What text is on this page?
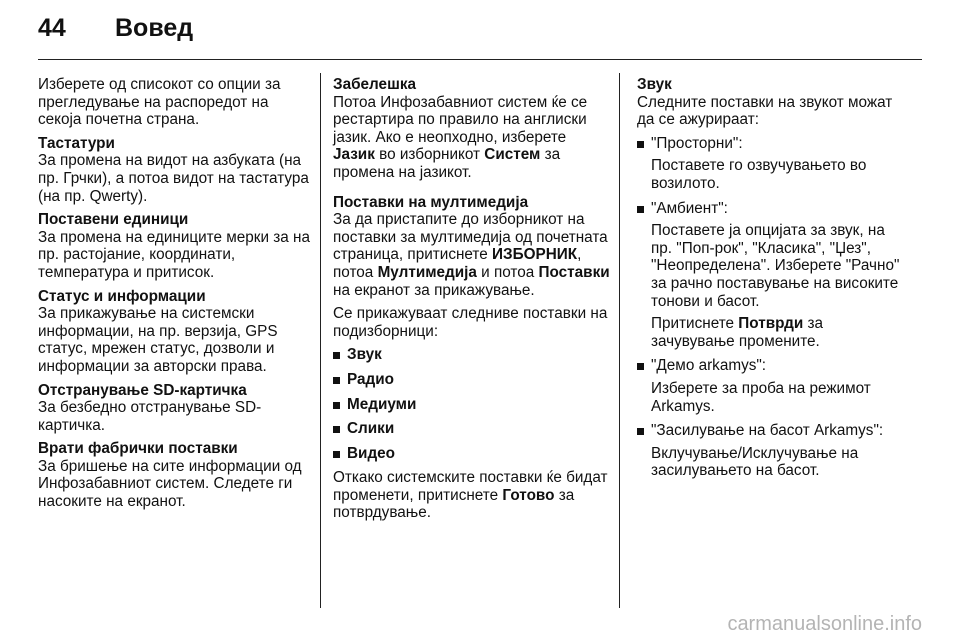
44	Вовед

Изберете од списокот со опции за прегледување на распоредот на секоја почетна страна.

Тастатури
За промена на видот на азбуката (на пр. Грчки), а потоа видот на тастатура (на пр. Qwerty).
Поставени единици
За промена на единиците мерки за на пр. растојание, координати, температура и притисок.
Статус и информации
За прикажување на системски информации, на пр. верзија, GPS статус, мрежен статус, дозволи и информации за авторски права.
Отстранување SD-картичка
За безбедно отстранување SD-картичка.
Врати фабрички поставки
За бришење на сите информации од Инфозабавниот систем. Следете ги насоките на екранот.
Забелешка
Потоа Инфозабавниот систем ќе се рестартира по правило на англиски јазик. Ако е неопходно, изберете Јазик во изборникот Систем за промена на јазикот.
Поставки на мултимедија
За да пристапите до изборникот на поставки за мултимедија од почетната страница, притиснете ИЗБОРНИК, потоа Мултимедија и потоа Поставки на екранот за прикажување.

Се прикажуваат следниве поставки на подизборници:

Звук
Радио
Медиуми
Слики
Видео
Откако системските поставки ќе бидат променети, притиснете Готово за потврдување.
Звук

Следните поставки на звукот можат да се ажурираат:

"Просторни":
Поставете го озвучувањето во возилото.
"Амбиент":
Поставете ја опцијата за звук, на пр. "Поп-рок", "Класика", "Џез", "Неопределена". Изберете "Рачно" за рачно поставување на високите тонови и басот.
Притиснете Потврди за зачувување промените.
"Демо arkamys":
Изберете за проба на режимот Arkamys.
"Засилување на басот Arkamys":
Вклучување/Исклучување на засилувањето на басот.
carmanualsonline.info
